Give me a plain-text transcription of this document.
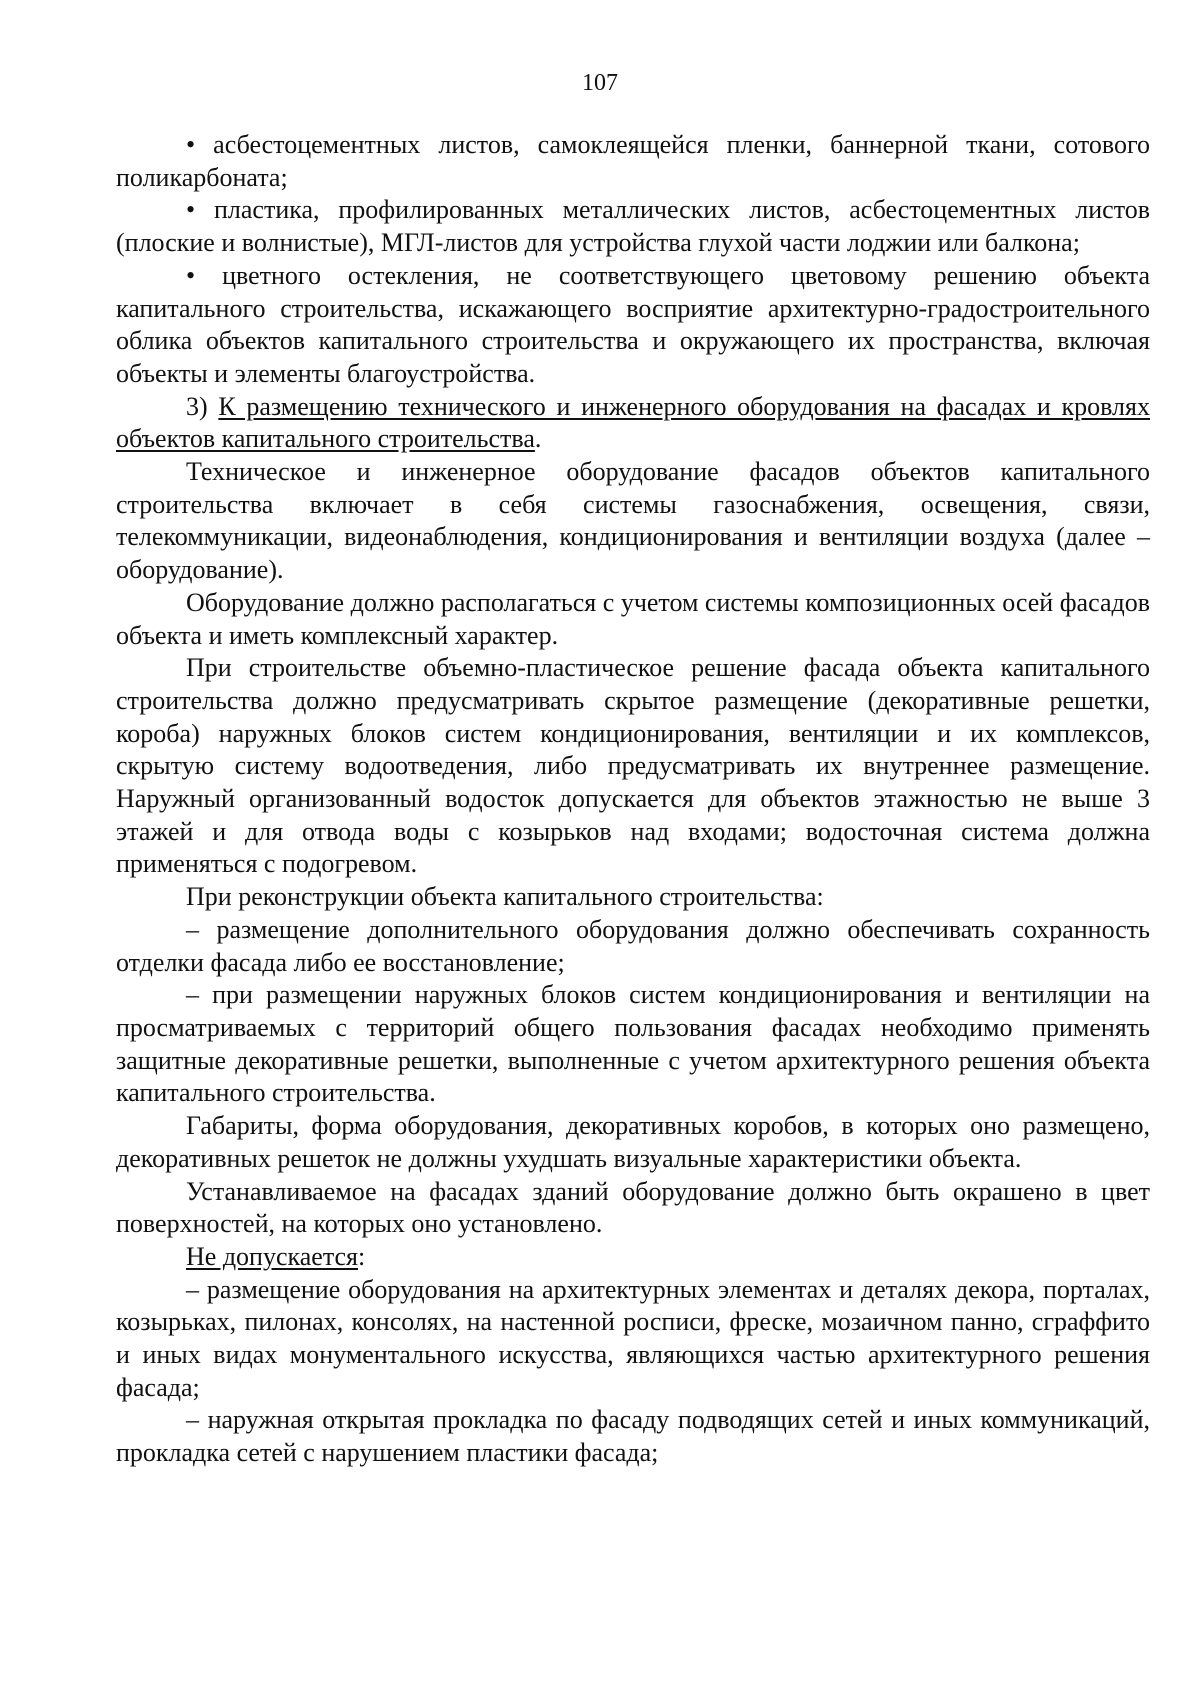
107

• асбестоцементных листов, самоклеящейся пленки, баннерной ткани, сотового поликарбоната;

• пластика, профилированных металлических листов, асбестоцементных листов (плоские и волнистые), МГЛ-листов для устройства глухой части лоджии или балкона;

• цветного остекления, не соответствующего цветовому решению объекта капитального строительства, искажающего восприятие архитектурно-градостроительного облика объектов капитального строительства и окружающего их пространства, включая объекты и элементы благоустройства.

3) К размещению технического и инженерного оборудования на фасадах и кровлях объектов капитального строительства.

Техническое и инженерное оборудование фасадов объектов капитального строительства включает в себя системы газоснабжения, освещения, связи, телекоммуникации, видеонаблюдения, кондиционирования и вентиляции воздуха (далее – оборудование).

Оборудование должно располагаться с учетом системы композиционных осей фасадов объекта и иметь комплексный характер.

При строительстве объемно-пластическое решение фасада объекта капитального строительства должно предусматривать скрытое размещение (декоративные решетки, короба) наружных блоков систем кондиционирования, вентиляции и их комплексов, скрытую систему водоотведения, либо предусматривать их внутреннее размещение. Наружный организованный водосток допускается для объектов этажностью не выше 3 этажей и для отвода воды с козырьков над входами; водосточная система должна применяться с подогревом.

При реконструкции объекта капитального строительства:

– размещение дополнительного оборудования должно обеспечивать сохранность отделки фасада либо ее восстановление;

– при размещении наружных блоков систем кондиционирования и вентиляции на просматриваемых с территорий общего пользования фасадах необходимо применять защитные декоративные решетки, выполненные с учетом архитектурного решения объекта капитального строительства.

Габариты, форма оборудования, декоративных коробов, в которых оно размещено, декоративных решеток не должны ухудшать визуальные характеристики объекта.

Устанавливаемое на фасадах зданий оборудование должно быть окрашено в цвет поверхностей, на которых оно установлено.

Не допускается:

– размещение оборудования на архитектурных элементах и деталях декора, порталах, козырьках, пилонах, консолях, на настенной росписи, фреске, мозаичном панно, сграффито и иных видах монументального искусства, являющихся частью архитектурного решения фасада;

– наружная открытая прокладка по фасаду подводящих сетей и иных коммуникаций, прокладка сетей с нарушением пластики фасада;
